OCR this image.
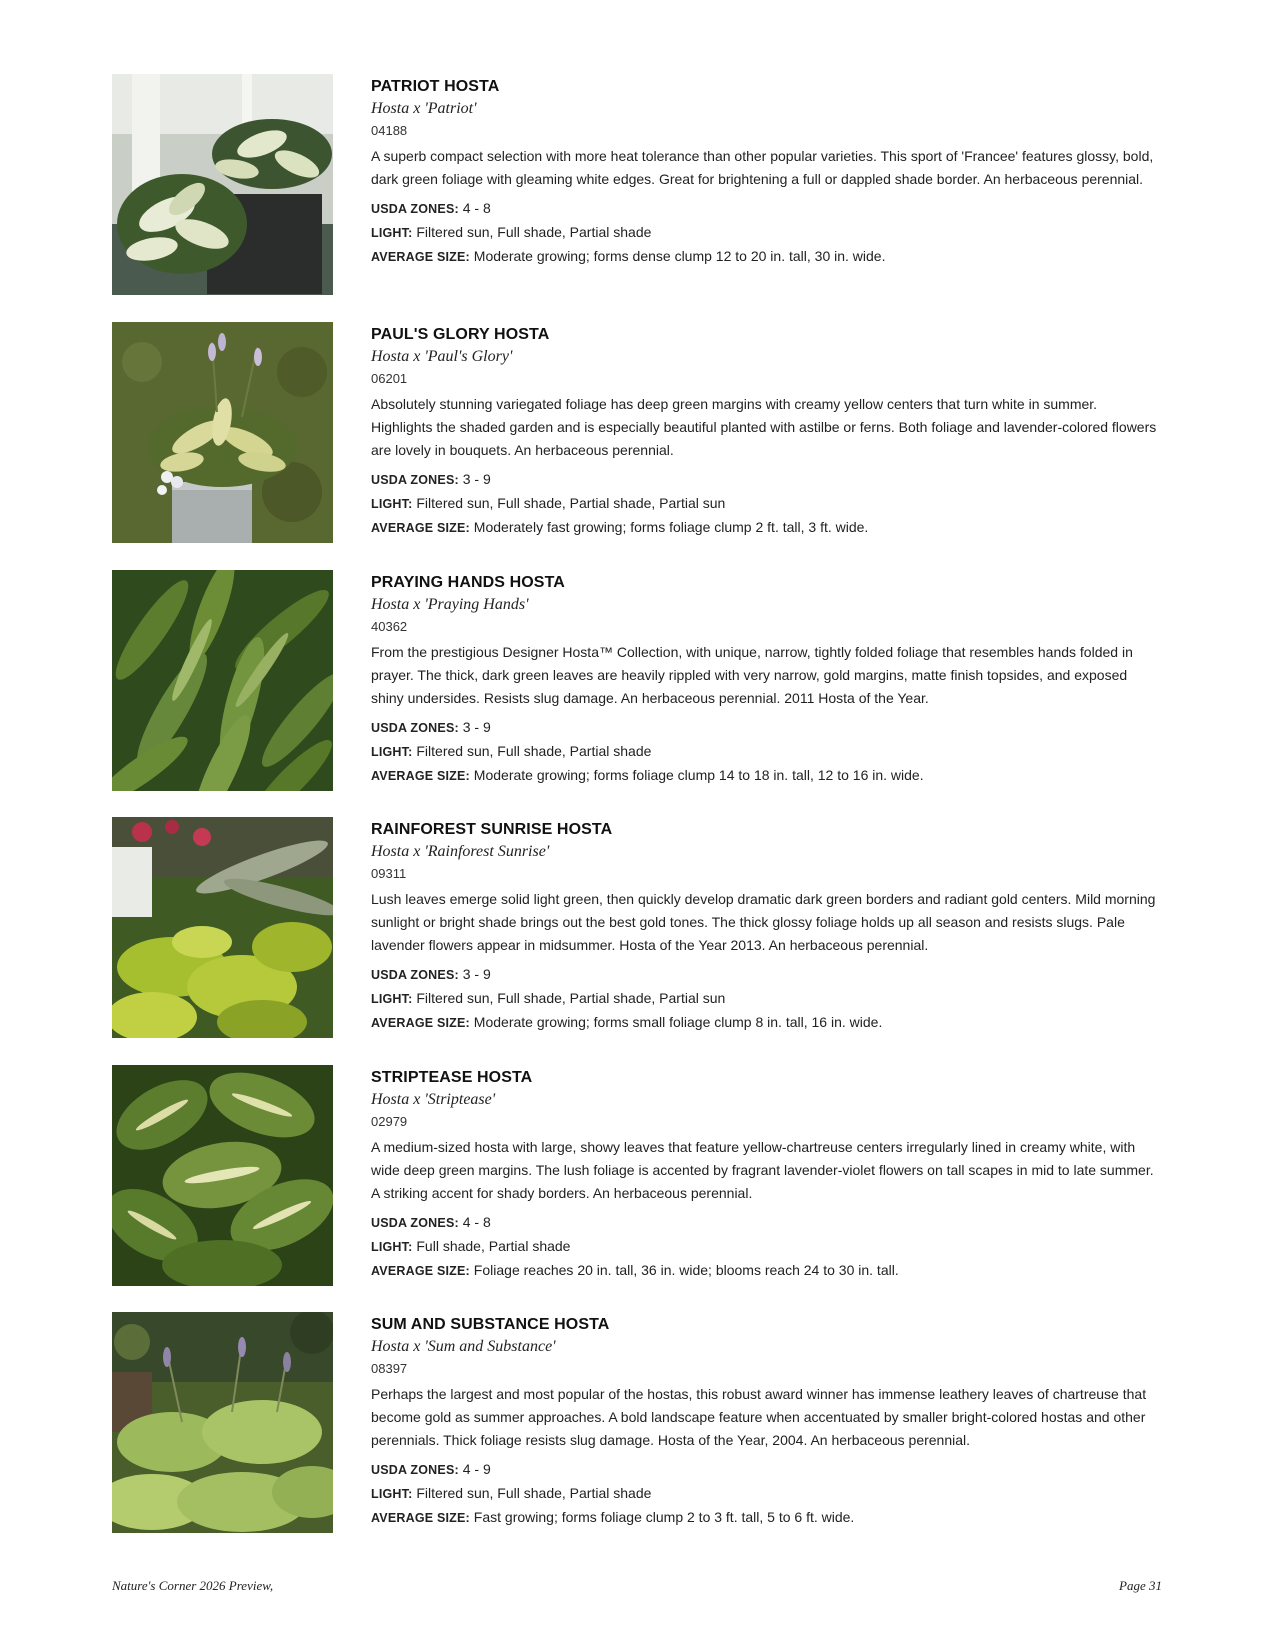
PATRIOT HOSTA
Hosta x 'Patriot'
04188
A superb compact selection with more heat tolerance than other popular varieties. This sport of 'Francee' features glossy, bold, dark green foliage with gleaming white edges. Great for brightening a full or dappled shade border. An herbaceous perennial.
USDA ZONES: 4 - 8
LIGHT: Filtered sun, Full shade, Partial shade
AVERAGE SIZE: Moderate growing; forms dense clump 12 to 20 in. tall, 30 in. wide.
PAUL'S GLORY HOSTA
Hosta x 'Paul's Glory'
06201
Absolutely stunning variegated foliage has deep green margins with creamy yellow centers that turn white in summer. Highlights the shaded garden and is especially beautiful planted with astilbe or ferns. Both foliage and lavender-colored flowers are lovely in bouquets. An herbaceous perennial.
USDA ZONES: 3 - 9
LIGHT: Filtered sun, Full shade, Partial shade, Partial sun
AVERAGE SIZE: Moderately fast growing; forms foliage clump 2 ft. tall, 3 ft. wide.
PRAYING HANDS HOSTA
Hosta x 'Praying Hands'
40362
From the prestigious Designer Hosta™ Collection, with unique, narrow, tightly folded foliage that resembles hands folded in prayer. The thick, dark green leaves are heavily rippled with very narrow, gold margins, matte finish topsides, and exposed shiny undersides. Resists slug damage. An herbaceous perennial. 2011 Hosta of the Year.
USDA ZONES: 3 - 9
LIGHT: Filtered sun, Full shade, Partial shade
AVERAGE SIZE: Moderate growing; forms foliage clump 14 to 18 in. tall, 12 to 16 in. wide.
RAINFOREST SUNRISE HOSTA
Hosta x 'Rainforest Sunrise'
09311
Lush leaves emerge solid light green, then quickly develop dramatic dark green borders and radiant gold centers. Mild morning sunlight or bright shade brings out the best gold tones. The thick glossy foliage holds up all season and resists slugs. Pale lavender flowers appear in midsummer. Hosta of the Year 2013. An herbaceous perennial.
USDA ZONES: 3 - 9
LIGHT: Filtered sun, Full shade, Partial shade, Partial sun
AVERAGE SIZE: Moderate growing; forms small foliage clump 8 in. tall, 16 in. wide.
STRIPTEASE HOSTA
Hosta x 'Striptease'
02979
A medium-sized hosta with large, showy leaves that feature yellow-chartreuse centers irregularly lined in creamy white, with wide deep green margins. The lush foliage is accented by fragrant lavender-violet flowers on tall scapes in mid to late summer. A striking accent for shady borders. An herbaceous perennial.
USDA ZONES: 4 - 8
LIGHT: Full shade, Partial shade
AVERAGE SIZE: Foliage reaches 20 in. tall, 36 in. wide; blooms reach 24 to 30 in. tall.
SUM AND SUBSTANCE HOSTA
Hosta x 'Sum and Substance'
08397
Perhaps the largest and most popular of the hostas, this robust award winner has immense leathery leaves of chartreuse that become gold as summer approaches. A bold landscape feature when accentuated by smaller bright-colored hostas and other perennials. Thick foliage resists slug damage. Hosta of the Year, 2004. An herbaceous perennial.
USDA ZONES: 4 - 9
LIGHT: Filtered sun, Full shade, Partial shade
AVERAGE SIZE: Fast growing; forms foliage clump 2 to 3 ft. tall, 5 to 6 ft. wide.
Nature's Corner 2026 Preview,	Page 31
